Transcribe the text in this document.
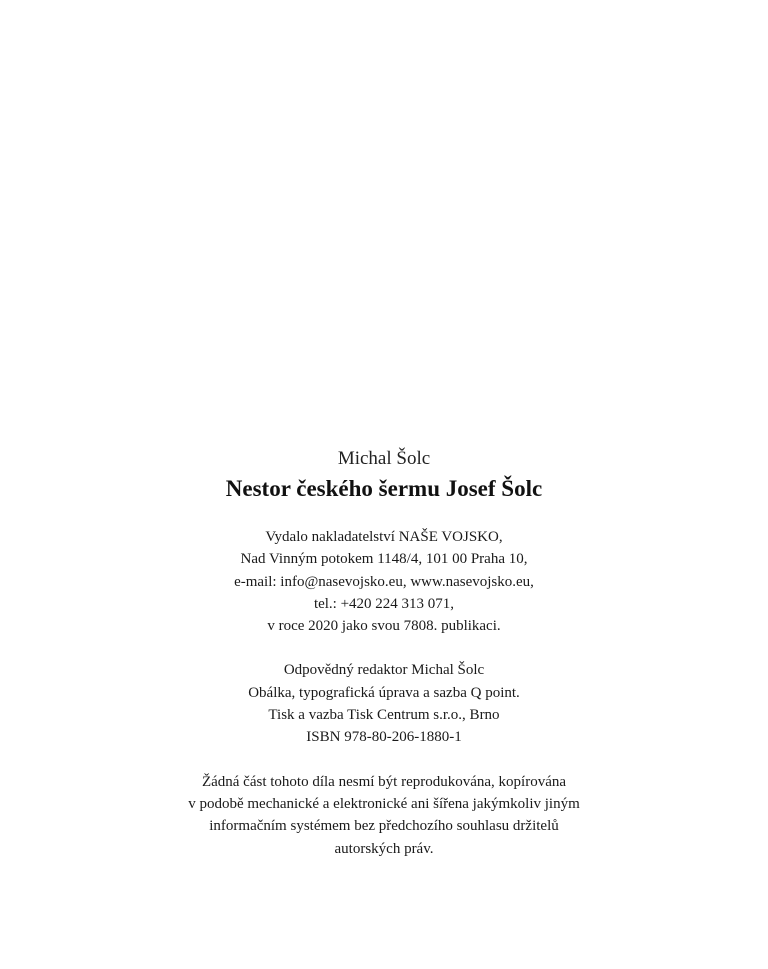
Michal Šolc

Nestor českého šermu Josef Šolc

Vydalo nakladatelství NAŠE VOJSKO,
Nad Vinným potokem 1148/4, 101 00 Praha 10,
e-mail: info@nasevojsko.eu, www.nasevojsko.eu,
tel.: +420 224 313 071,
v roce 2020 jako svou 7808. publikaci.
Odpovědný redaktor Michal Šolc
Obálka, typografická úprava a sazba Q point.
Tisk a vazba Tisk Centrum s.r.o., Brno
ISBN 978-80-206-1880-1
Žádná část tohoto díla nesmí být reprodukována, kopírována
v podobě mechanické a elektronické ani šířena jakýmkoliv jiným
informačním systémem bez předchozího souhlasu držitelů
autorských práv.
